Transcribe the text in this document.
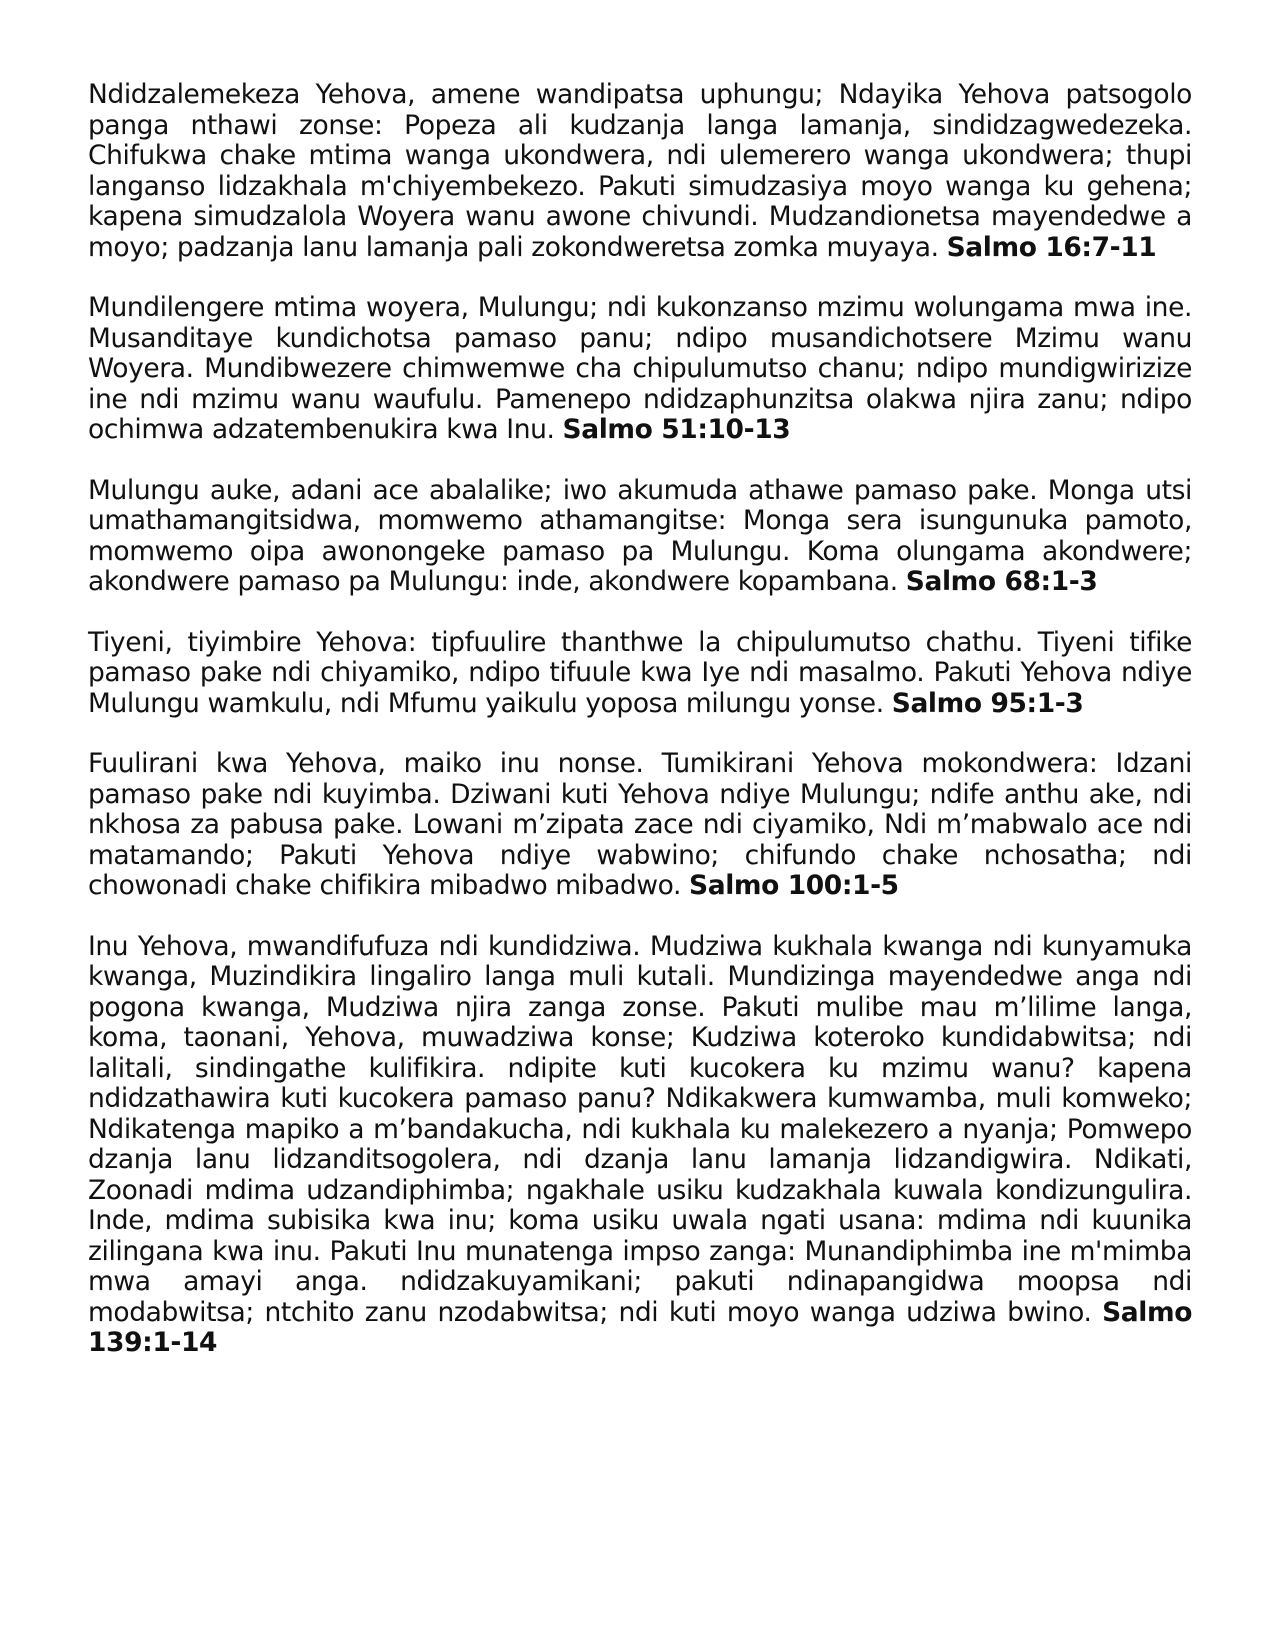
Ndidzalemekeza Yehova, amene wandipatsa uphungu; Ndayika Yehova patsogolo panga nthawi zonse: Popeza ali kudzanja langa lamanja, sindidzagwedezeka. Chifukwa chake mtima wanga ukondwera, ndi ulemerero wanga ukondwera; thupi langanso lidzakhala m'chiyembekezo. Pakuti simudzasiya moyo wanga ku gehena; kapena simudzalola Woyera wanu awone chivundi. Mudzandionetsa mayendedwe a moyo; padzanja lanu lamanja pali zokondweretsa zomka muyaya. Salmo 16:7-11

Mundilengere mtima woyera, Mulungu; ndi kukonzanso mzimu wolungama mwa ine. Musanditaye kundichotsa pamaso panu; ndipo musandichotsere Mzimu wanu Woyera. Mundibwezere chimwemwe cha chipulumutso chanu; ndipo mundigwirizize ine ndi mzimu wanu waufulu. Pamenepo ndidzaphunzitsa olakwa njira zanu; ndipo ochimwa adzatembenukira kwa Inu. Salmo 51:10-13

Mulungu auke, adani ace abalalike; iwo akumuda athawe pamaso pake. Monga utsi umathamangitsidwa, momwemo athamangitse: Monga sera isungunuka pamoto, momwemo oipa awonongeke pamaso pa Mulungu. Koma olungama akondwere; akondwere pamaso pa Mulungu: inde, akondwere kopambana. Salmo 68:1-3

Tiyeni, tiyimbire Yehova: tipfuulire thanthwe la chipulumutso chathu. Tiyeni tifike pamaso pake ndi chiyamiko, ndipo tifuule kwa Iye ndi masalmo. Pakuti Yehova ndiye Mulungu wamkulu, ndi Mfumu yaikulu yoposa milungu yonse. Salmo 95:1-3

Fuulirani kwa Yehova, maiko inu nonse. Tumikirani Yehova mokondwera: Idzani pamaso pake ndi kuyimba. Dziwani kuti Yehova ndiye Mulungu; ndife anthu ake, ndi nkhosa za pabusa pake. Lowani m’zipata zace ndi ciyamiko, Ndi m’mabwalo ace ndi matamando; Pakuti Yehova ndiye wabwino; chifundo chake nchosatha; ndi chowonadi chake chifikira mibadwo mibadwo. Salmo 100:1-5

Inu Yehova, mwandifufuza ndi kundidziwa. Mudziwa kukhala kwanga ndi kunyamuka kwanga, Muzindikira lingaliro langa muli kutali. Mundizinga mayendedwe anga ndi pogona kwanga, Mudziwa njira zanga zonse. Pakuti mulibe mau m’lilime langa, koma, taonani, Yehova, muwadziwa konse; Kudziwa koteroko kundidabwitsa; ndi lalitali, sindingathe kulifikira. ndipite kuti kucokera ku mzimu wanu? kapena ndidzathawira kuti kucokera pamaso panu? Ndikakwera kumwamba, muli komweko; Ndikatenga mapiko a m’bandakucha, ndi kukhala ku malekezero a nyanja; Pomwepo dzanja lanu lidzanditsogolera, ndi dzanja lanu lamanja lidzandigwira. Ndikati, Zoonadi mdima udzandiphimba; ngakhale usiku kudzakhala kuwala kondizungulira. Inde, mdima subisika kwa inu; koma usiku uwala ngati usana: mdima ndi kuunika zilingana kwa inu. Pakuti Inu munatenga impso zanga: Munandiphimba ine m'mimba mwa amayi anga. ndidzakuyamikani; pakuti ndinapangidwa moopsa ndi modabwitsa; ntchito zanu nzodabwitsa; ndi kuti moyo wanga udziwa bwino. Salmo 139:1-14
